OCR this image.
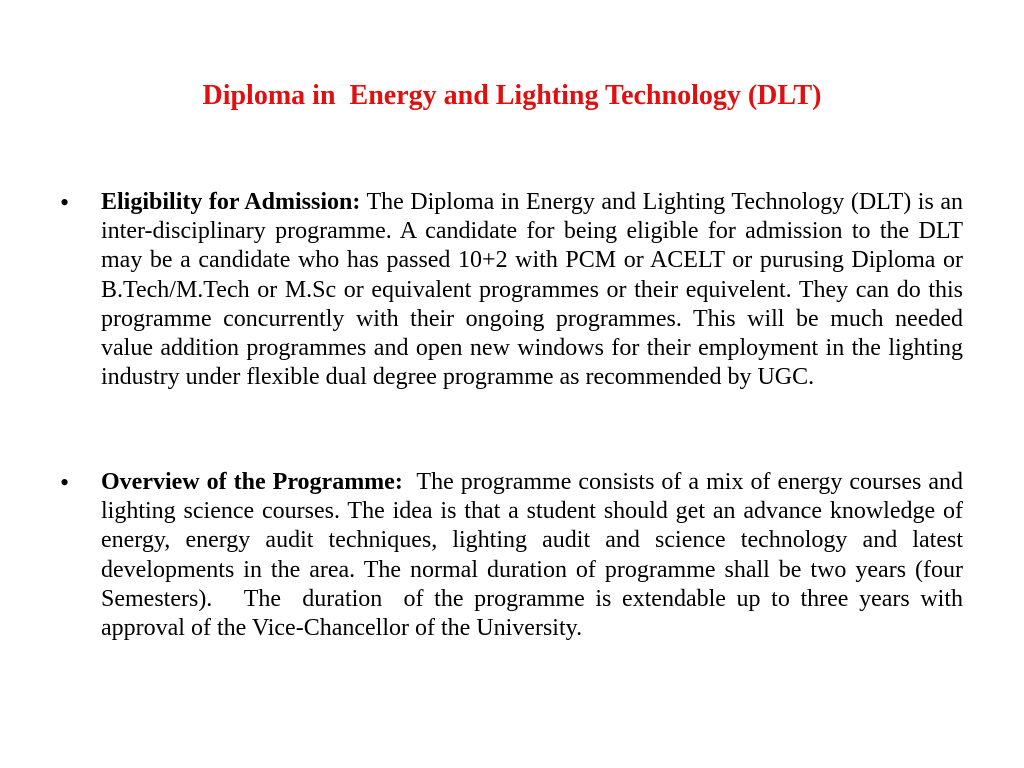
Diploma in  Energy and Lighting Technology (DLT)
• Eligibility for Admission: The Diploma in Energy and Lighting Technology (DLT) is an inter-disciplinary programme. A candidate for being eligible for admission to the DLT may be a candidate who has passed 10+2 with PCM or ACELT or purusing Diploma or  B.Tech/M.Tech or M.Sc or equivalent programmes or their equivelent. They can do this programme concurrently with their ongoing programmes. This will be much needed value addition programmes and open new windows for their employment in the lighting industry under flexible dual degree programme as recommended by UGC.
• Overview of the Programme:  The programme consists of a mix of energy courses and lighting science courses. The idea is that a student should get an advance knowledge of energy, energy audit techniques, lighting audit and science technology and latest developments in the area. The normal duration of programme shall be two years (four Semesters).   The  duration  of the programme is extendable up to three years with approval of the Vice-Chancellor of the University.
